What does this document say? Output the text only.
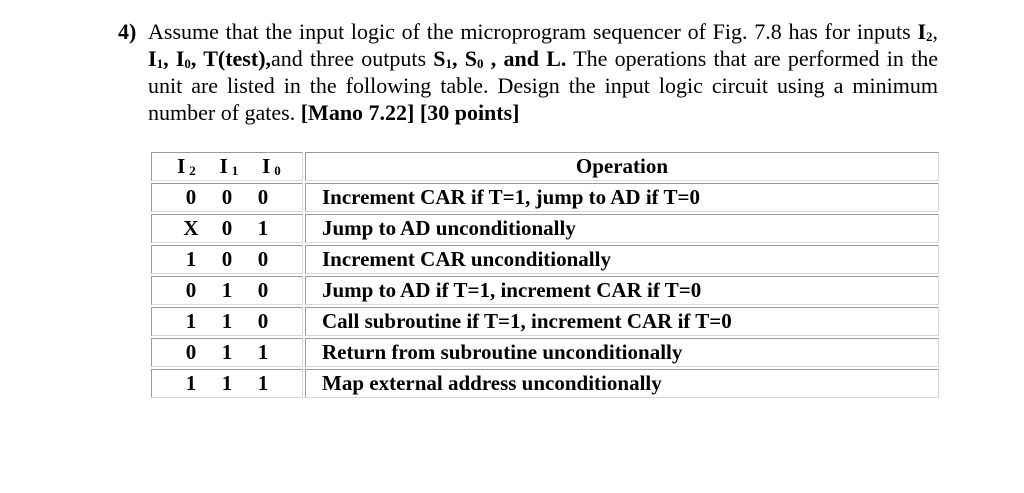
4) Assume that the input logic of the microprogram sequencer of Fig. 7.8 has for inputs $I_2$, $I_1$, $I_0$, T(test),and three outputs $S_1$, $S_0$ , and L. The operations that are performed in the unit are listed in the following table. Design the input logic circuit using a minimum number of gates. [Mano 7.22] [30 points]
I $_2$ I $_1$ I $_0$	Operation

0 0 0	Increment CAR if T=1, jump to AD if T=0

X 0 1	Jump to AD unconditionally

1 0 0	Increment CAR unconditionally

0 1 0	Jump to AD if T=1, increment CAR if T=0

1 1 0	Call subroutine if T=1, increment CAR if T=0

0 1 1	Return from subroutine unconditionally

1 1 1	Map external address unconditionally
